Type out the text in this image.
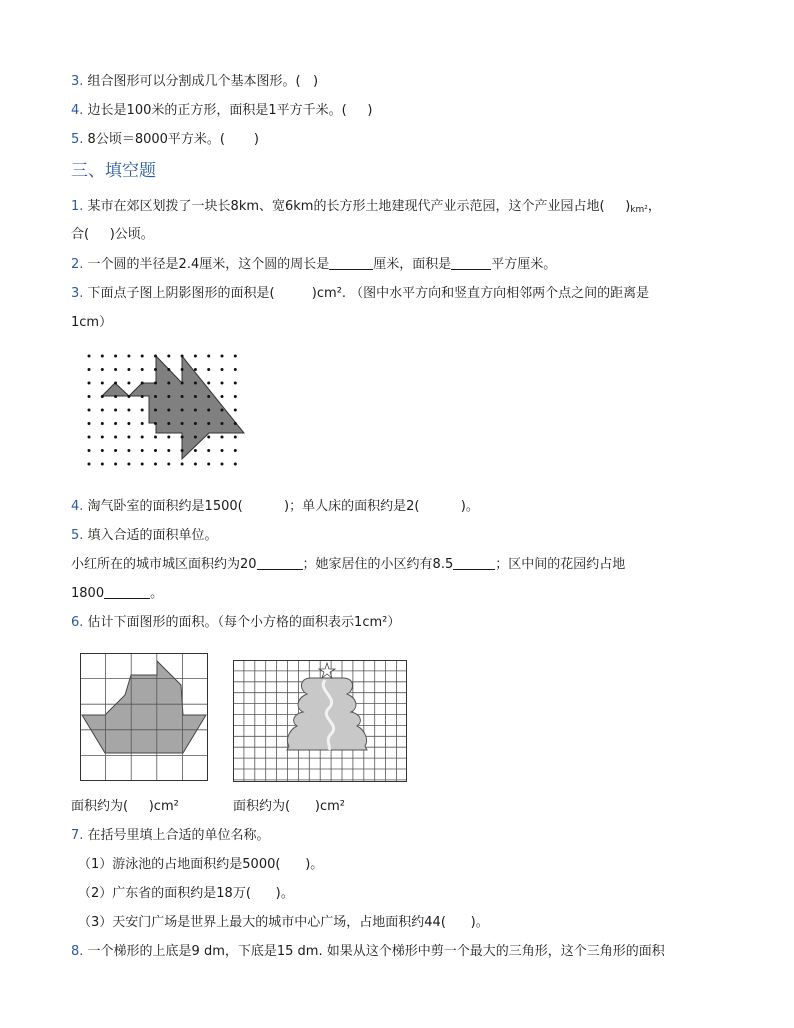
3. 组合图形可以分割成几个基本图形。(   )
4. 边长是100米的正方形，面积是1平方千米。(     )
5. 8公顷＝8000平方米。(       )
三、填空题
1. 某市在郊区划拨了一块长8km、宽6km的长方形土地建现代产业示范园，这个产业园占地(     )$_{km^2}$，
合(     )公顷。
2. 一个圆的半径是2.4厘米，这个圆的周长是	厘米，面积是	平方厘米。
3. 下面点子图上阴影图形的面积是(         )cm². （图中水平方向和竖直方向相邻两个点之间的距离是
1cm）
4. 淘气卧室的面积约是1500(          )；单人床的面积约是2(          )。
5. 填入合适的面积单位。
小红所在的城市城区面积约为20	；她家居住的小区约有8.5	；区中间的花园约占地
1800	。
6. 估计下面图形的面积。（每个小方格的面积表示1cm²）
面积约为(     )cm²	面积约为(      )cm²
7. 在括号里填上合适的单位名称。
（1）游泳池的占地面积约是5000(      )。
（2）广东省的面积约是18万(      )。
（3）天安门广场是世界上最大的城市中心广场，占地面积约44(      )。
8. 一个梯形的上底是9 dm，下底是15 dm. 如果从这个梯形中剪一个最大的三角形，这个三角形的面积
